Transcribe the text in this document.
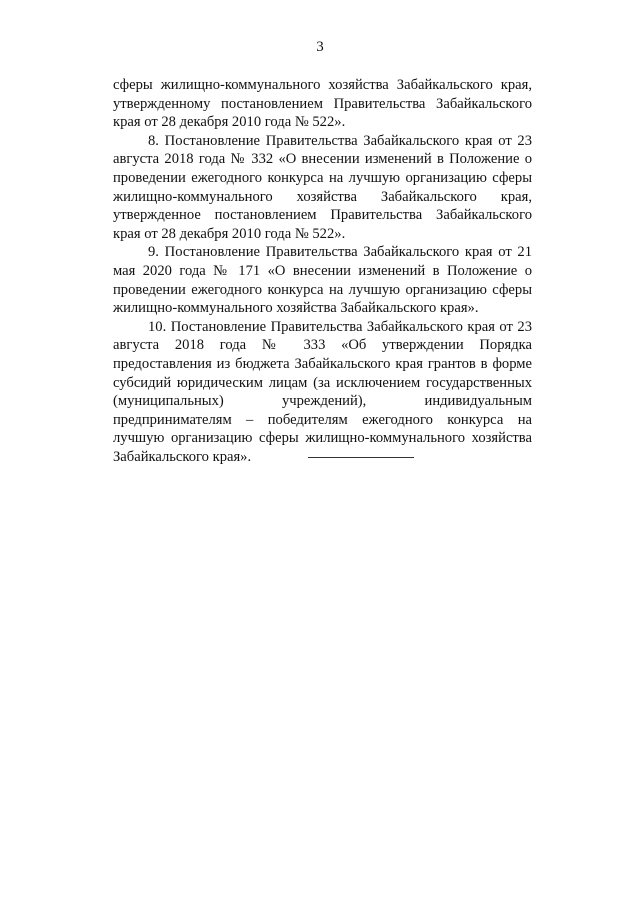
3

сферы жилищно-коммунального хозяйства Забайкальского края, утвержденному постановлением Правительства Забайкальского края от 28 декабря 2010 года № 522».

8. Постановление Правительства Забайкальского края от 23 августа 2018 года № 332 «О внесении изменений в Положение о проведении ежегодного конкурса на лучшую организацию сферы жилищно-коммунального хозяйства Забайкальского края, утвержденное постановлением Правительства Забайкальского края от 28 декабря 2010 года № 522».

9. Постановление Правительства Забайкальского края от 21 мая 2020 года № 171 «О внесении изменений в Положение о проведении ежегодного конкурса на лучшую организацию сферы жилищно-коммунального хозяйства Забайкальского края».

10. Постановление Правительства Забайкальского края от 23 августа 2018 года № 333 «Об утверждении Порядка предоставления из бюджета Забайкальского края грантов в форме субсидий юридическим лицам (за исключением государственных (муниципальных) учреждений), индивидуальным предпринимателям – победителям ежегодного конкурса на лучшую организацию сферы жилищно-коммунального хозяйства Забайкальского края».
